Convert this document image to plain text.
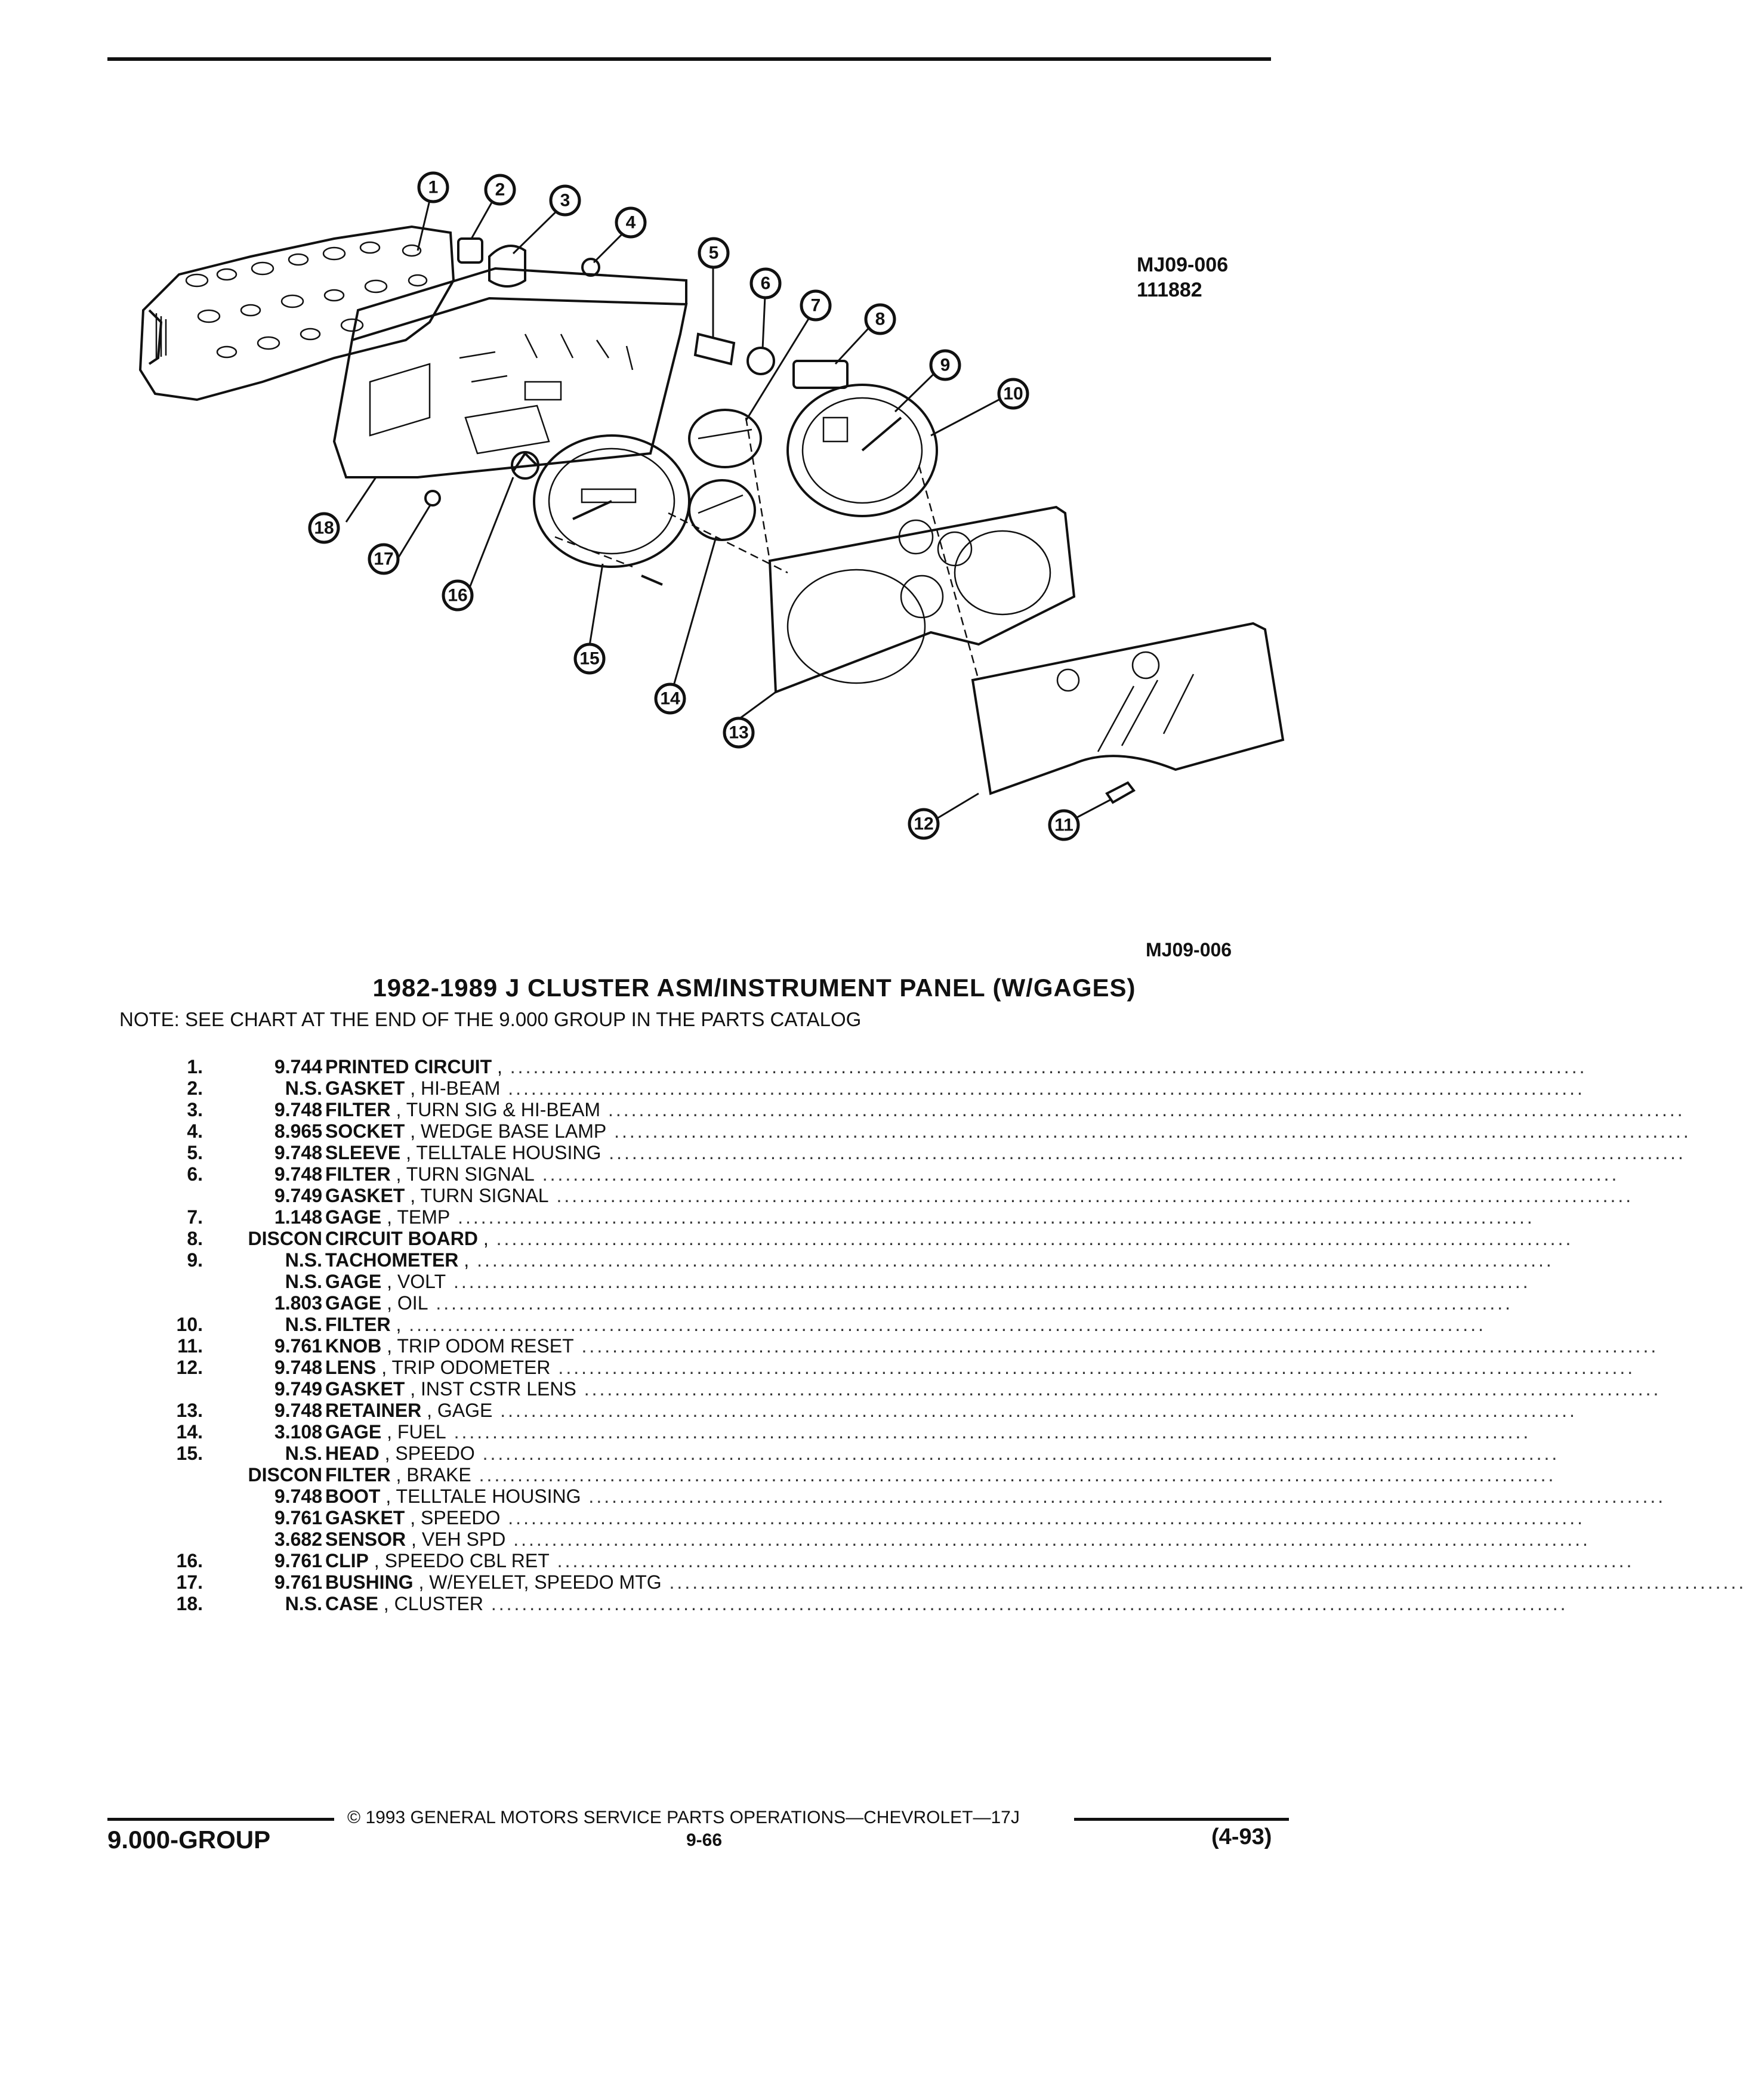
MJ09-006
111882
MJ09-006
1	2
3
4
5
6
7
8
9
10
11
12
13
14
15
16
17
18
1982-1989 J CLUSTER ASM/INSTRUMENT PANEL (W/GAGES)
NOTE: SEE CHART AT THE END OF THE 9.000 GROUP IN THE PARTS CATALOG
1.	9.744 PRINTED CIRCUIT , ............................................................................................................................................
2.	N.S. GASKET , HI-BEAM ............................................................................................................................................
3.	9.748 FILTER , TURN SIG & HI-BEAM ............................................................................................................................................
4.	8.965 SOCKET , WEDGE BASE LAMP ............................................................................................................................................
5.	9.748 SLEEVE , TELLTALE HOUSING ............................................................................................................................................
6.	9.748 FILTER , TURN SIGNAL ............................................................................................................................................
9.749 GASKET , TURN SIGNAL ............................................................................................................................................
7.	1.148 GAGE , TEMP ............................................................................................................................................
8.	DISCON CIRCUIT BOARD , ............................................................................................................................................
9.	N.S. TACHOMETER , ............................................................................................................................................
N.S. GAGE , VOLT ............................................................................................................................................
1.803 GAGE , OIL ............................................................................................................................................
10.	N.S. FILTER , ............................................................................................................................................
11.	9.761 KNOB , TRIP ODOM RESET ............................................................................................................................................
12.	9.748 LENS , TRIP ODOMETER ............................................................................................................................................
9.749 GASKET , INST CSTR LENS ............................................................................................................................................
13.	9.748 RETAINER , GAGE ............................................................................................................................................
14.	3.108 GAGE , FUEL ............................................................................................................................................
15.	N.S. HEAD , SPEEDO ............................................................................................................................................
DISCON FILTER , BRAKE ............................................................................................................................................
9.748 BOOT , TELLTALE HOUSING ............................................................................................................................................
9.761 GASKET , SPEEDO ............................................................................................................................................
3.682 SENSOR , VEH SPD ............................................................................................................................................
16.	9.761 CLIP , SPEEDO CBL RET ............................................................................................................................................
17.	9.761 BUSHING , W/EYELET, SPEEDO MTG ............................................................................................................................................
18.	N.S. CASE , CLUSTER ............................................................................................................................................
© 1993 GENERAL MOTORS SERVICE PARTS OPERATIONS—CHEVROLET—17J
9.000-GROUP	9-66	(4-93)
